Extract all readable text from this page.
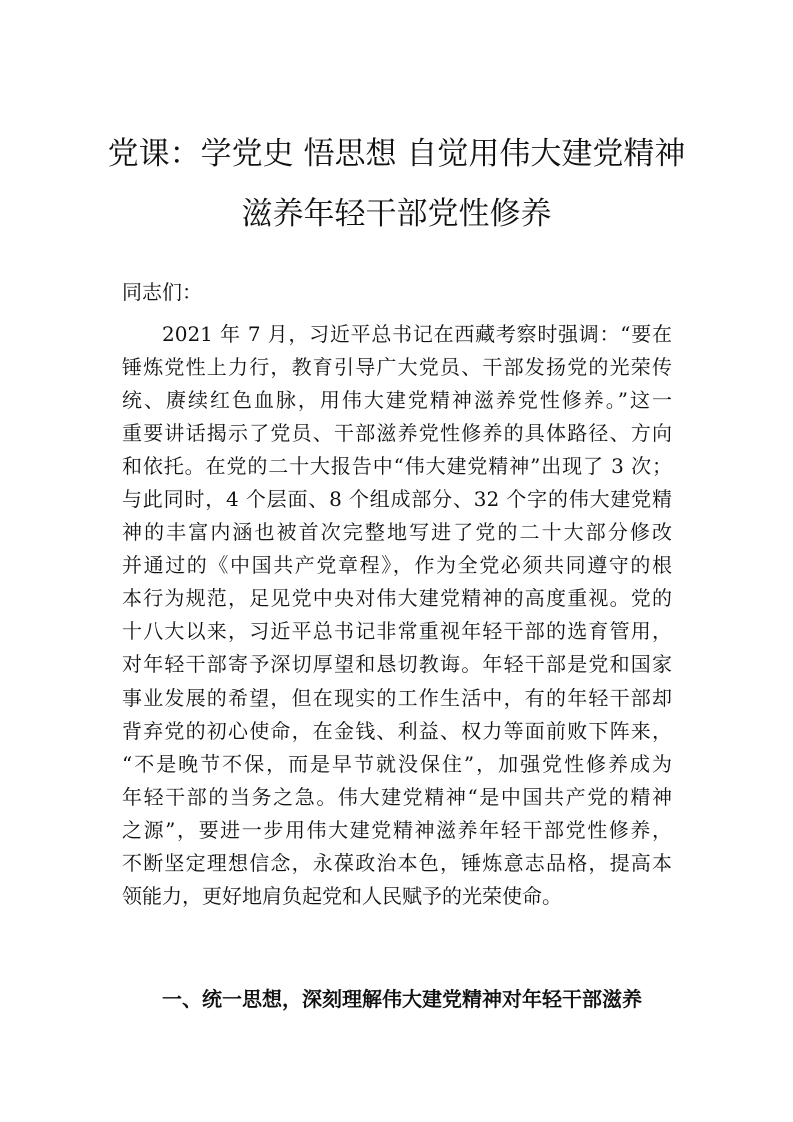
党课：学党史 悟思想 自觉用伟大建党精神
滋养年轻干部党性修养
同志们：
2021 年 7 月，习近平总书记在西藏考察时强调：“要在
锤炼党性上力行，教育引导广大党员、干部发扬党的光荣传
统、赓续红色血脉，用伟大建党精神滋养党性修养。”这一
重要讲话揭示了党员、干部滋养党性修养的具体路径、方向
和依托。在党的二十大报告中“伟大建党精神”出现了 3 次；
与此同时，4 个层面、8 个组成部分、32 个字的伟大建党精
神的丰富内涵也被首次完整地写进了党的二十大部分修改
并通过的《中国共产党章程》，作为全党必须共同遵守的根
本行为规范，足见党中央对伟大建党精神的高度重视。党的
十八大以来，习近平总书记非常重视年轻干部的选育管用，
对年轻干部寄予深切厚望和恳切教诲。年轻干部是党和国家
事业发展的希望，但在现实的工作生活中，有的年轻干部却
背弃党的初心使命，在金钱、利益、权力等面前败下阵来，
“不是晚节不保，而是早节就没保住”，加强党性修养成为
年轻干部的当务之急。伟大建党精神“是中国共产党的精神
之源”，要进一步用伟大建党精神滋养年轻干部党性修养，
不断坚定理想信念，永葆政治本色，锤炼意志品格，提高本
领能力，更好地肩负起党和人民赋予的光荣使命。
一、统一思想，深刻理解伟大建党精神对年轻干部滋养
